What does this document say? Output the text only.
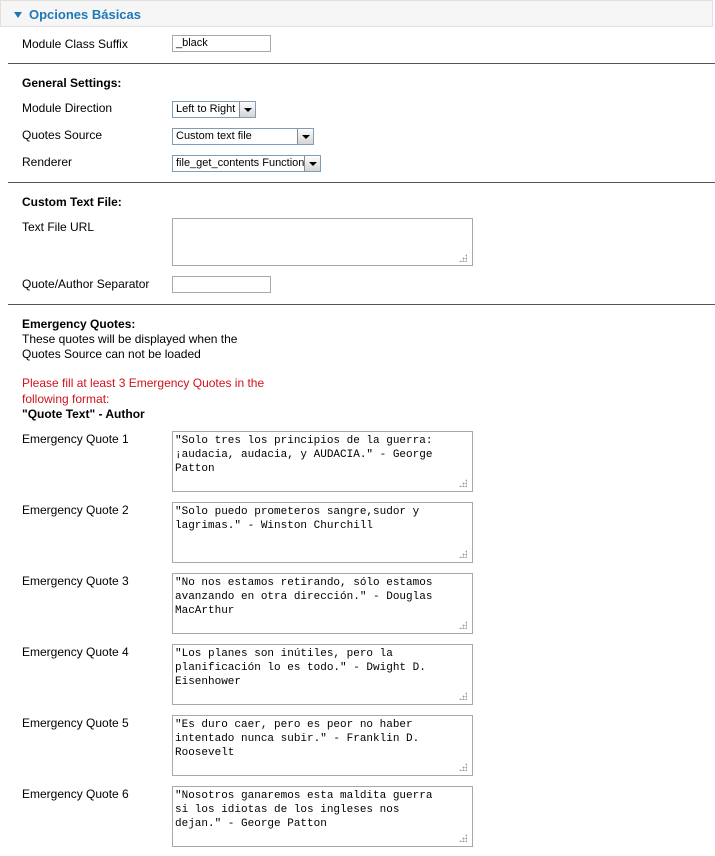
Opciones Básicas
Module Class Suffix	_black
General Settings:
Module Direction	Left to Right
Quotes Source	Custom text file
Renderer	file_get_contents Function
Custom Text File:
Text File URL
Quote/Author Separator
Emergency Quotes:
These quotes will be displayed when the
Quotes Source can not be loaded
Please fill at least 3 Emergency Quotes in the
following format:
"Quote Text" - Author
Emergency Quote 1	"Solo tres los principios de la guerra:
¡audacia, audacia, y AUDACIA." - George
Patton
Emergency Quote 2	"Solo puedo prometeros sangre,sudor y
lagrimas." - Winston Churchill
Emergency Quote 3	"No nos estamos retirando, sólo estamos
avanzando en otra dirección." - Douglas
MacArthur
Emergency Quote 4	"Los planes son inútiles, pero la
planificación lo es todo." - Dwight D.
Eisenhower
Emergency Quote 5	"Es duro caer, pero es peor no haber
intentado nunca subir." - Franklin D.
Roosevelt
Emergency Quote 6	"Nosotros ganaremos esta maldita guerra
si los idiotas de los ingleses nos
dejan." - George Patton
